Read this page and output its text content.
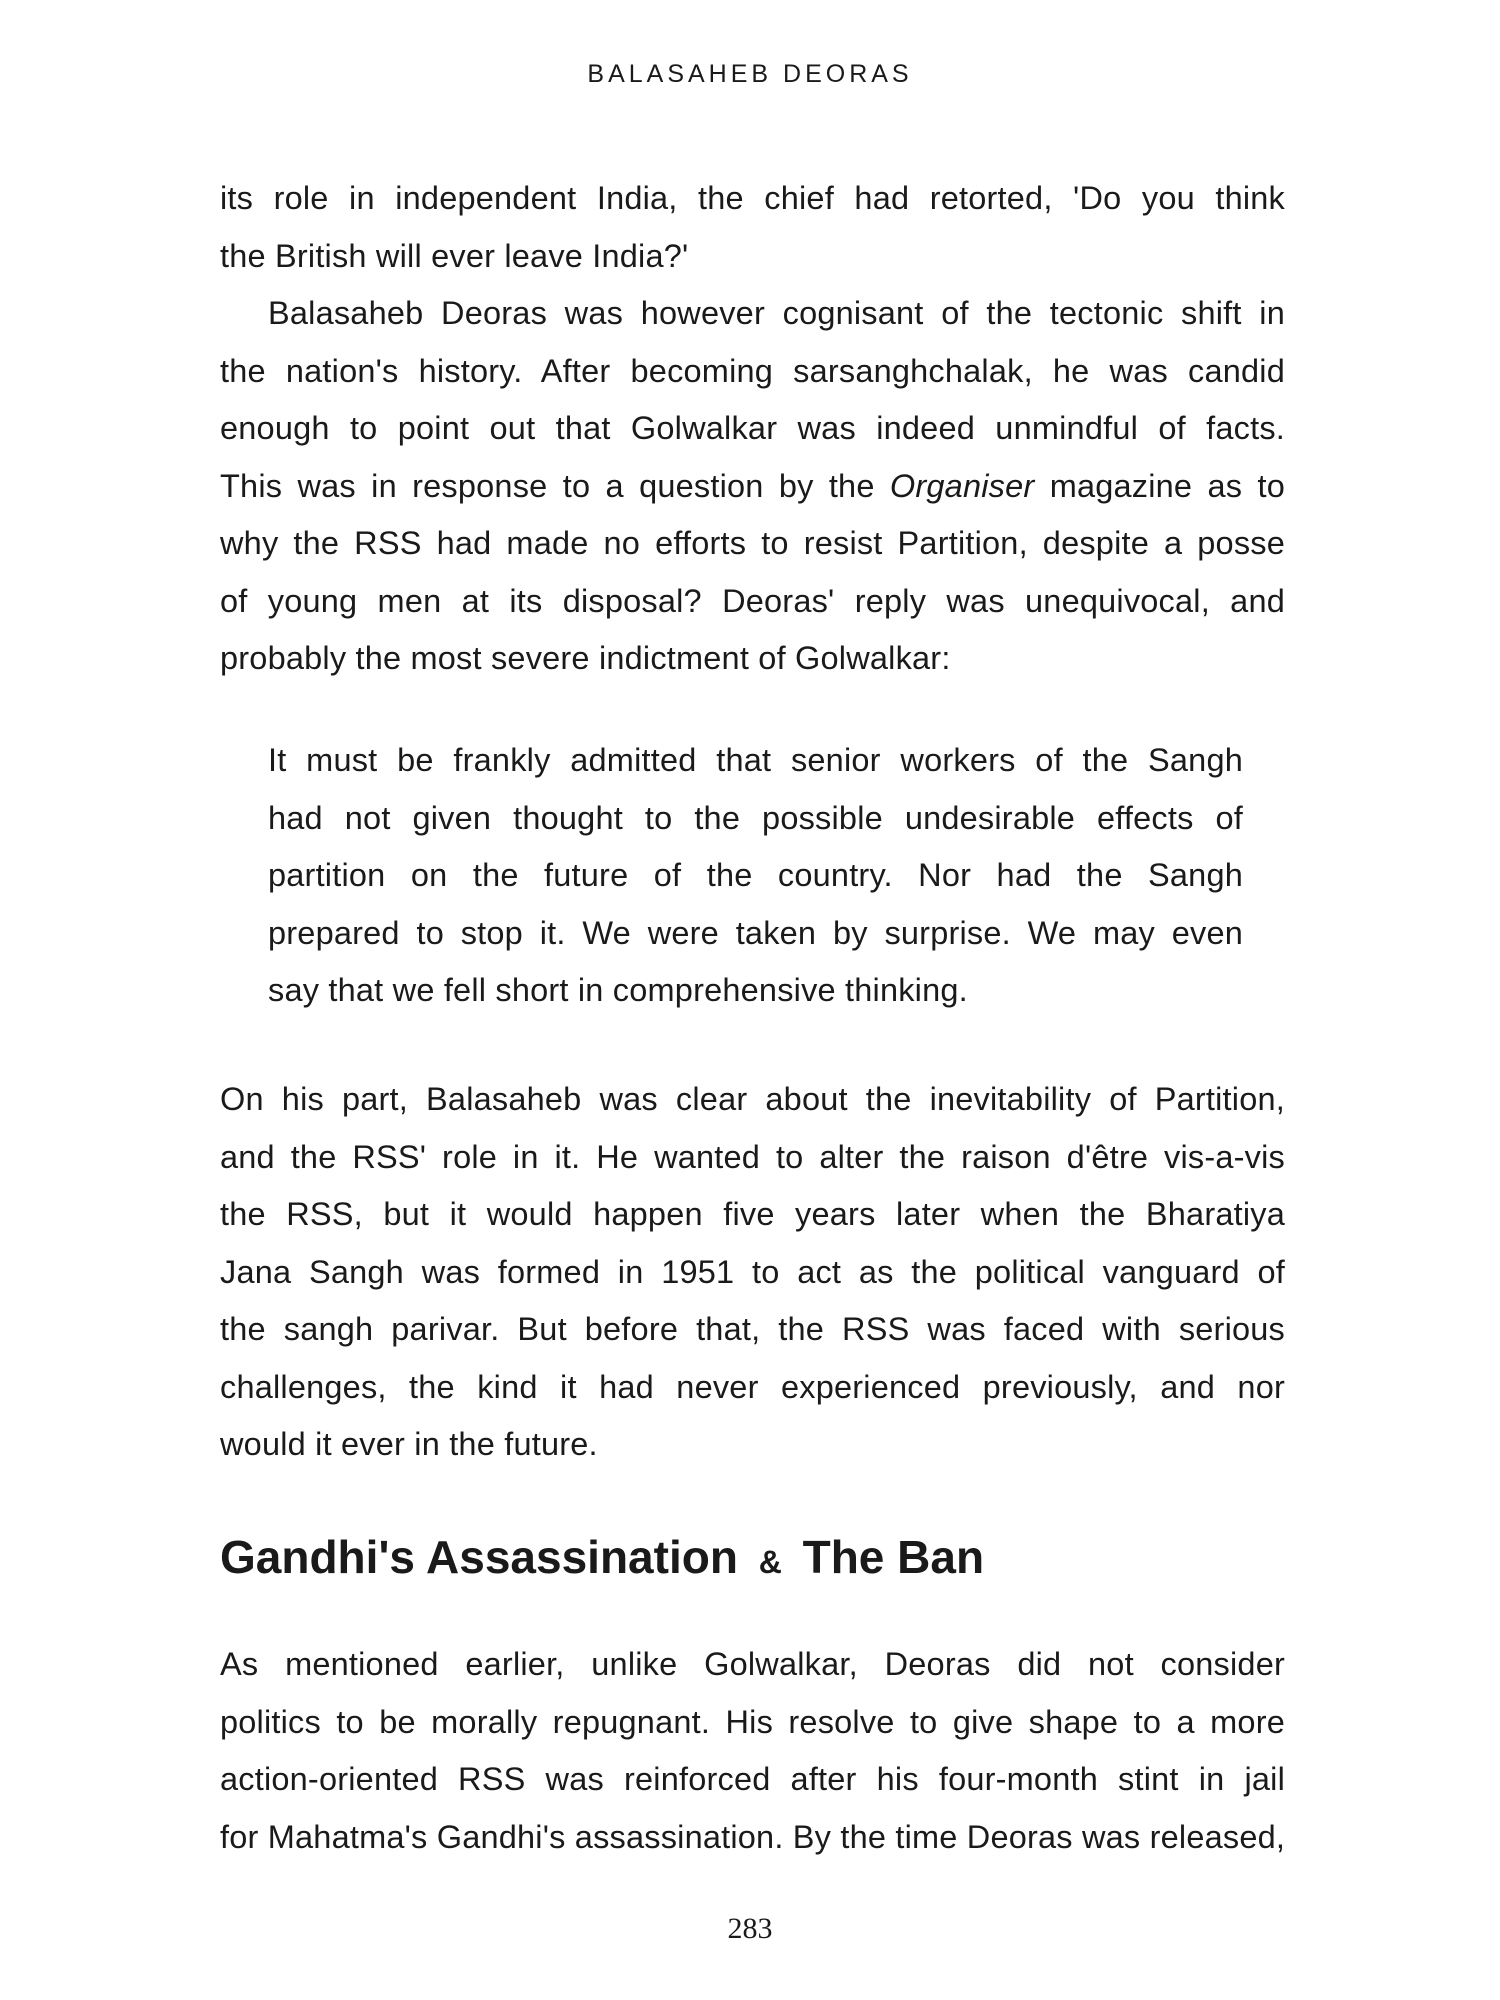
BALASAHEB DEORAS
its role in independent India, the chief had retorted, 'Do you think
the British will ever leave India?'
Balasaheb Deoras was however cognisant of the tectonic shift in
the nation's history. After becoming sarsanghchalak, he was candid
enough to point out that Golwalkar was indeed unmindful of facts.
This was in response to a question by the Organiser magazine as to
why the RSS had made no efforts to resist Partition, despite a posse
of young men at its disposal? Deoras' reply was unequivocal, and
probably the most severe indictment of Golwalkar:
It must be frankly admitted that senior workers of the Sangh
had not given thought to the possible undesirable effects of
partition on the future of the country. Nor had the Sangh
prepared to stop it. We were taken by surprise. We may even
say that we fell short in comprehensive thinking.
On his part, Balasaheb was clear about the inevitability of Partition,
and the RSS' role in it. He wanted to alter the raison d'être vis-a-vis
the RSS, but it would happen five years later when the Bharatiya
Jana Sangh was formed in 1951 to act as the political vanguard of
the sangh parivar. But before that, the RSS was faced with serious
challenges, the kind it had never experienced previously, and nor
would it ever in the future.
Gandhi's Assassination & The Ban
As mentioned earlier, unlike Golwalkar, Deoras did not consider
politics to be morally repugnant. His resolve to give shape to a more
action-oriented RSS was reinforced after his four-month stint in jail
for Mahatma's Gandhi's assassination. By the time Deoras was released,
283
